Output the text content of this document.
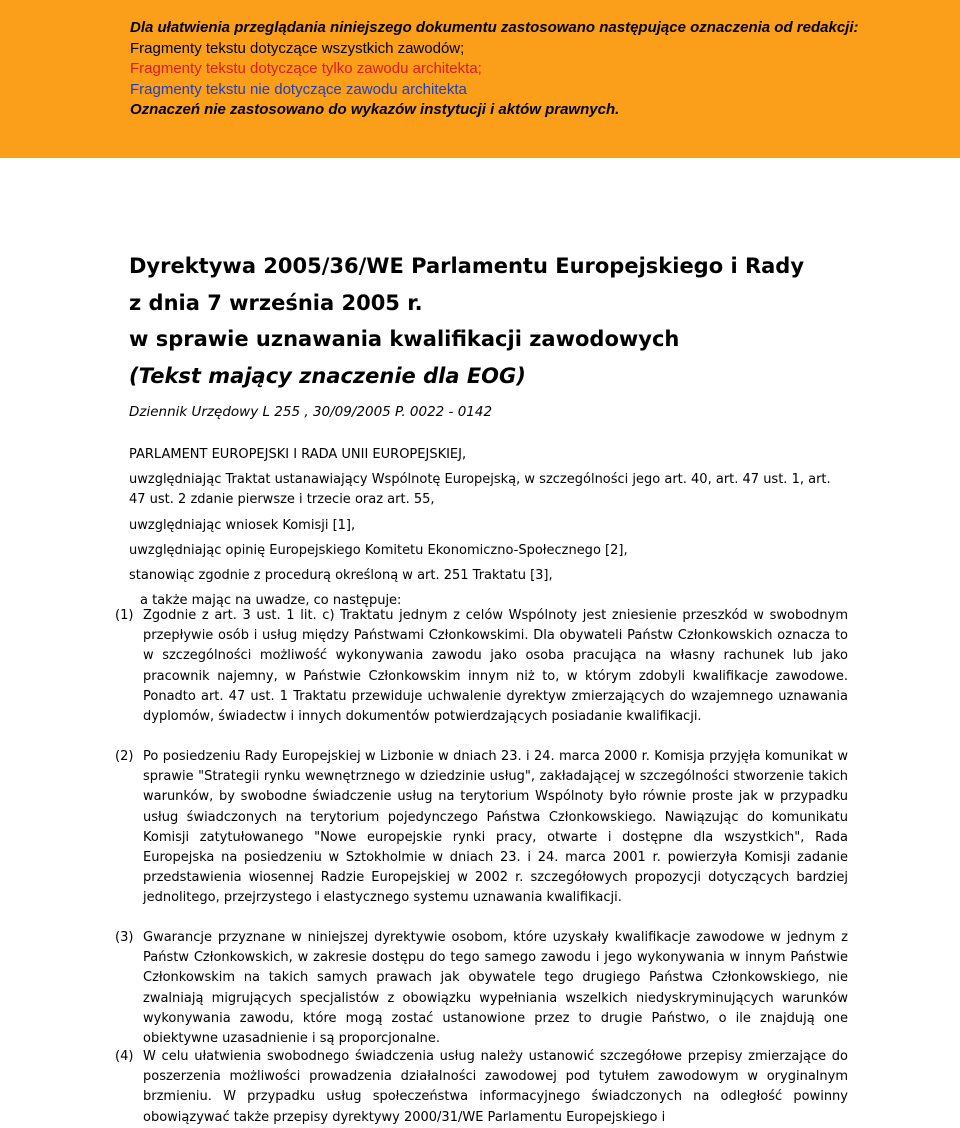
Dla ułatwienia przeglądania niniejszego dokumentu zastosowano następujące oznaczenia od redakcji:
Fragmenty tekstu dotyczące wszystkich zawodów;
Fragmenty tekstu dotyczące tylko zawodu architekta;
Fragmenty tekstu nie dotyczące zawodu architekta
Oznaczeń nie zastosowano do wykazów instytucji i aktów prawnych.
Dyrektywa 2005/36/WE Parlamentu Europejskiego i Rady
z dnia 7 września 2005 r.
w sprawie uznawania kwalifikacji zawodowych
(Tekst mający znaczenie dla EOG)
Dziennik Urzędowy L 255 , 30/09/2005 P. 0022 - 0142

PARLAMENT EUROPEJSKI I RADA UNII EUROPEJSKIEJ,

uwzględniając Traktat ustanawiający Wspólnotę Europejską, w szczególności jego art. 40, art. 47 ust. 1, art. 47 ust. 2 zdanie pierwsze i trzecie oraz art. 55,

uwzględniając wniosek Komisji [1],

uwzględniając opinię Europejskiego Komitetu Ekonomiczno-Społecznego [2],

stanowiąc zgodnie z procedurą określoną w art. 251 Traktatu [3],

a także mając na uwadze, co następuje:

(1) Zgodnie z art. 3 ust. 1 lit. c) Traktatu jednym z celów Wspólnoty jest zniesienie przeszkód w swobodnym przepływie osób i usług między Państwami Członkowskimi. Dla obywateli Państw Członkowskich oznacza to w szczególności możliwość wykonywania zawodu jako osoba pracująca na własny rachunek lub jako pracownik najemny, w Państwie Członkowskim innym niż to, w którym zdobyli kwalifikacje zawodowe. Ponadto art. 47 ust. 1 Traktatu przewiduje uchwalenie dyrektyw zmierzających do wzajemnego uznawania dyplomów, świadectw i innych dokumentów potwierdzających posiadanie kwalifikacji.
(2) Po posiedzeniu Rady Europejskiej w Lizbonie w dniach 23. i 24. marca 2000 r. Komisja przyjęła komunikat w sprawie "Strategii rynku wewnętrznego w dziedzinie usług", zakładającej w szczególności stworzenie takich warunków, by swobodne świadczenie usług na terytorium Wspólnoty było równie proste jak w przypadku usług świadczonych na terytorium pojedynczego Państwa Członkowskiego. Nawiązując do komunikatu Komisji zatytułowanego "Nowe europejskie rynki pracy, otwarte i dostępne dla wszystkich", Rada Europejska na posiedzeniu w Sztokholmie w dniach 23. i 24. marca 2001 r. powierzyła Komisji zadanie przedstawienia wiosennej Radzie Europejskiej w 2002 r. szczegółowych propozycji dotyczących bardziej jednolitego, przejrzystego i elastycznego systemu uznawania kwalifikacji.
(3) Gwarancje przyznane w niniejszej dyrektywie osobom, które uzyskały kwalifikacje zawodowe w jednym z Państw Członkowskich, w zakresie dostępu do tego samego zawodu i jego wykonywania w innym Państwie Członkowskim na takich samych prawach jak obywatele tego drugiego Państwa Członkowskiego, nie zwalniają migrujących specjalistów z obowiązku wypełniania wszelkich niedyskryminujących warunków wykonywania zawodu, które mogą zostać ustanowione przez to drugie Państwo, o ile znajdują one obiektywne uzasadnienie i są proporcjonalne.
(4) W celu ułatwienia swobodnego świadczenia usług należy ustanowić szczegółowe przepisy zmierzające do poszerzenia możliwości prowadzenia działalności zawodowej pod tytułem zawodowym w oryginalnym brzmieniu. W przypadku usług społeczeństwa informacyjnego świadczonych na odległość powinny obowiązywać także przepisy dyrektywy 2000/31/WE Parlamentu Europejskiego i
